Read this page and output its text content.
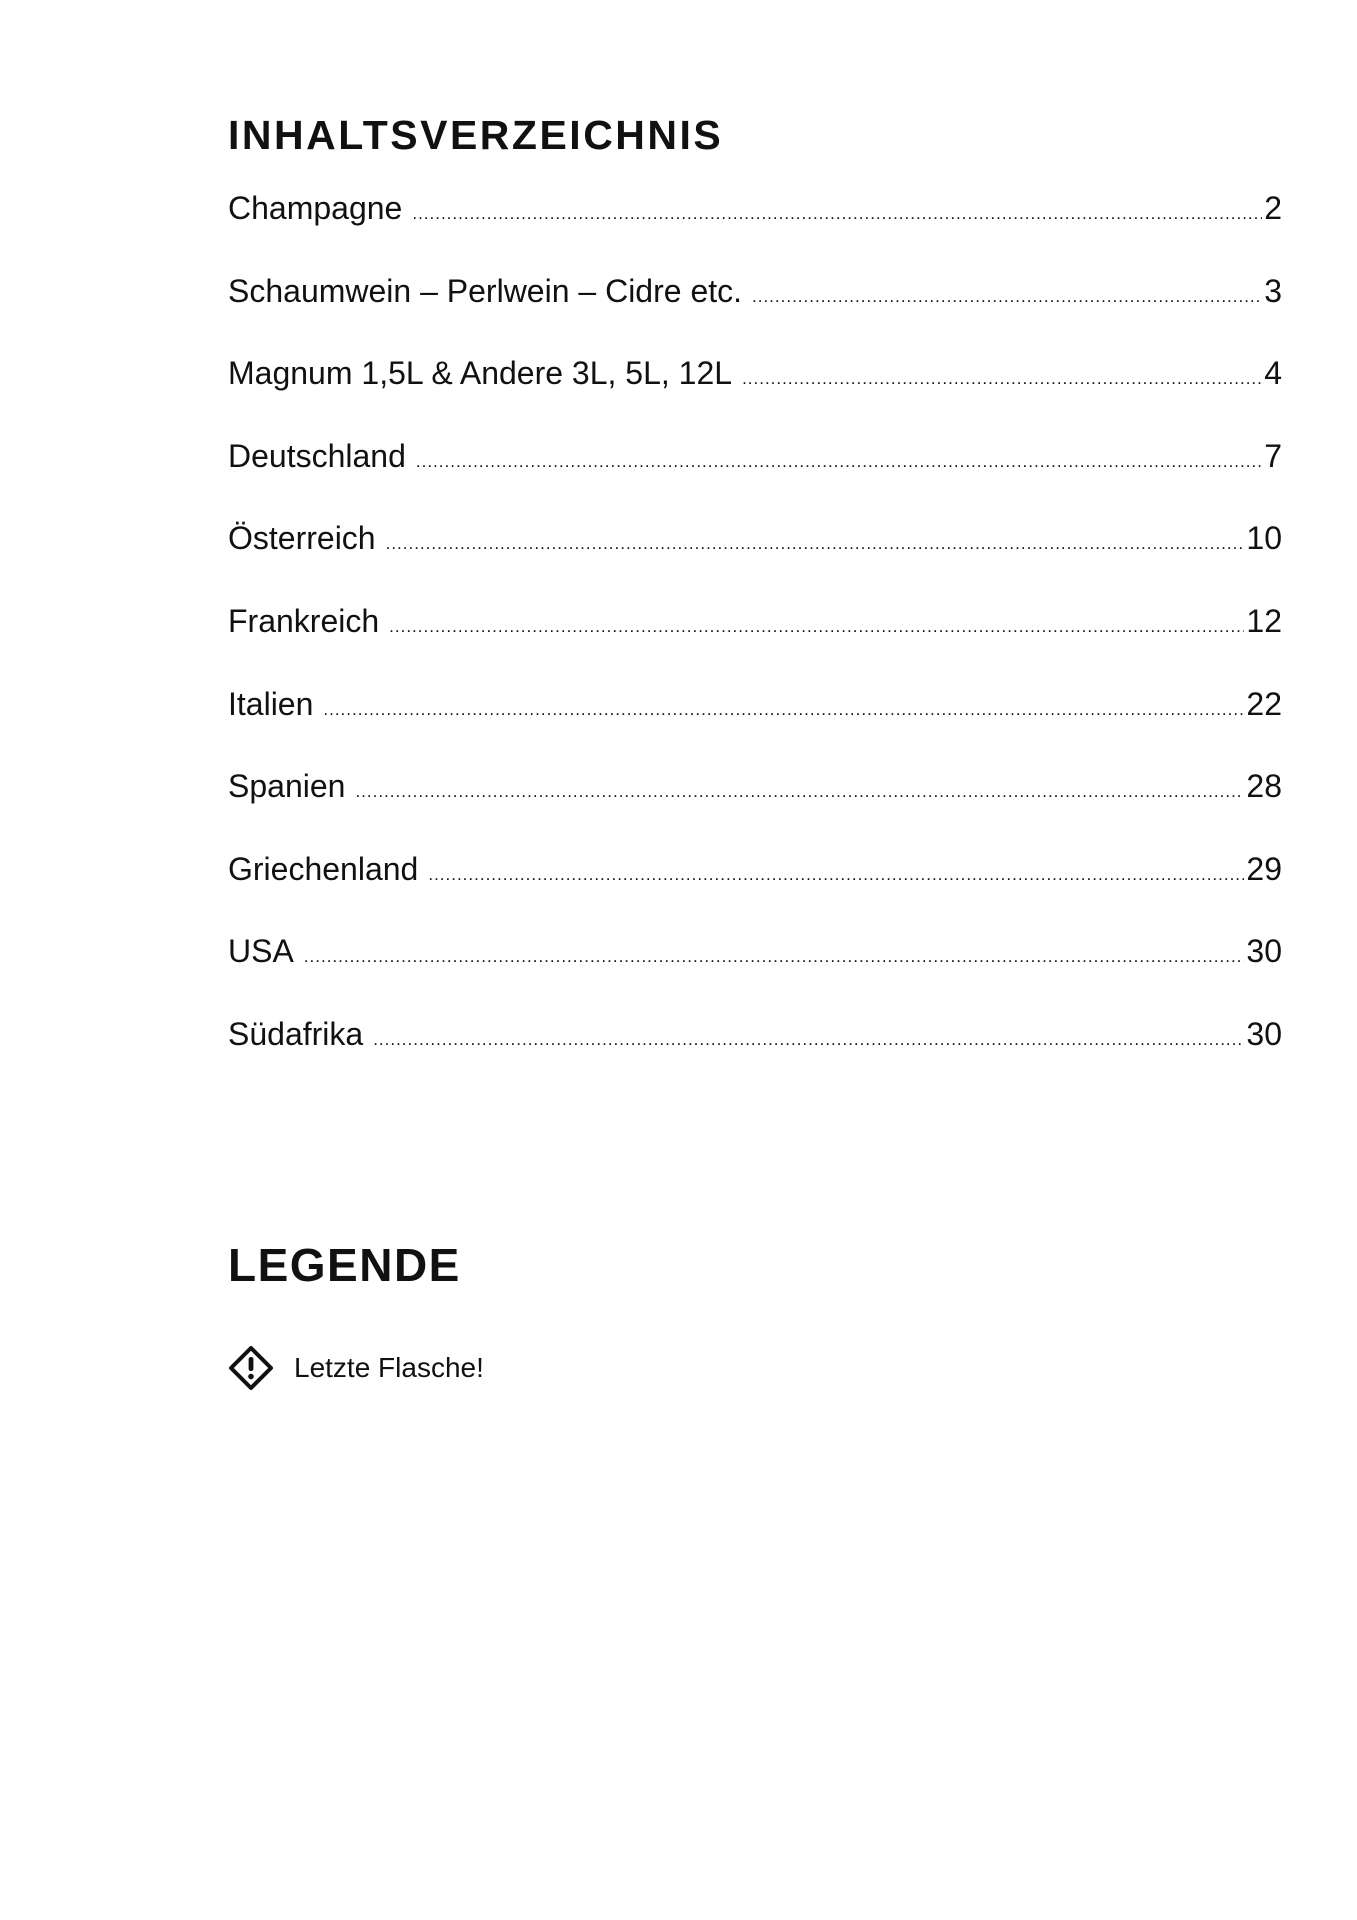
INHALTSVERZEICHNIS
Champagne .....	2
Schaumwein – Perlwein – Cidre etc. .....	3
Magnum 1,5L & Andere 3L, 5L, 12L .....	4
Deutschland .....	7
Österreich .....	10
Frankreich .....	12
Italien .....	22
Spanien .....	28
Griechenland .....	29
USA .....	30
Südafrika .....	30
LEGENDE
Letzte Flasche!
